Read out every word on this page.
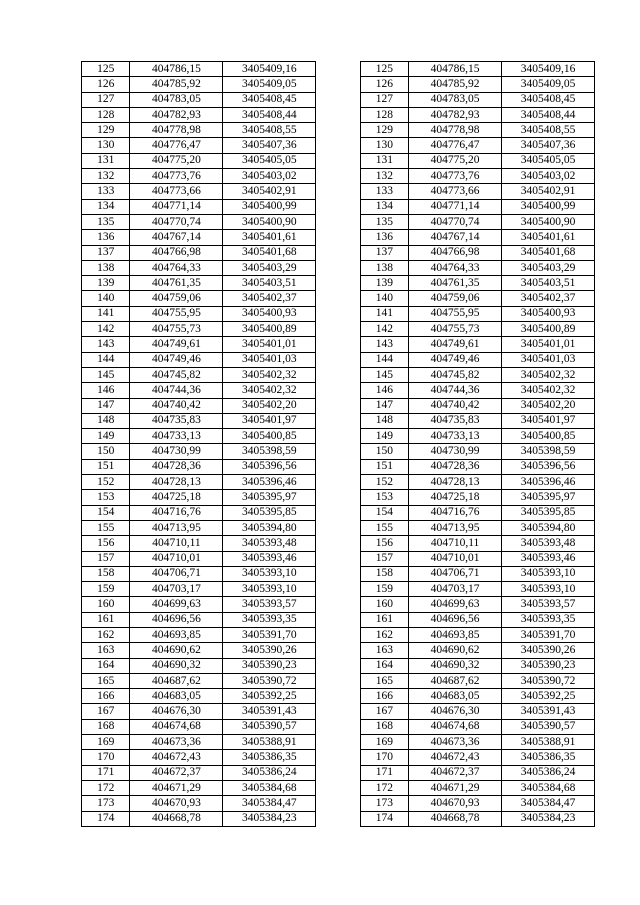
125	404786,15	3405409,16		125	404786,15	3405409,16
126	404785,92	3405409,05		126	404785,92	3405409,05
127	404783,05	3405408,45		127	404783,05	3405408,45
128	404782,93	3405408,44		128	404782,93	3405408,44
129	404778,98	3405408,55		129	404778,98	3405408,55
130	404776,47	3405407,36		130	404776,47	3405407,36
131	404775,20	3405405,05		131	404775,20	3405405,05
132	404773,76	3405403,02		132	404773,76	3405403,02
133	404773,66	3405402,91		133	404773,66	3405402,91
134	404771,14	3405400,99		134	404771,14	3405400,99
135	404770,74	3405400,90		135	404770,74	3405400,90
136	404767,14	3405401,61		136	404767,14	3405401,61
137	404766,98	3405401,68		137	404766,98	3405401,68
138	404764,33	3405403,29		138	404764,33	3405403,29
139	404761,35	3405403,51		139	404761,35	3405403,51
140	404759,06	3405402,37		140	404759,06	3405402,37
141	404755,95	3405400,93		141	404755,95	3405400,93
142	404755,73	3405400,89		142	404755,73	3405400,89
143	404749,61	3405401,01		143	404749,61	3405401,01
144	404749,46	3405401,03		144	404749,46	3405401,03
145	404745,82	3405402,32		145	404745,82	3405402,32
146	404744,36	3405402,32		146	404744,36	3405402,32
147	404740,42	3405402,20		147	404740,42	3405402,20
148	404735,83	3405401,97		148	404735,83	3405401,97
149	404733,13	3405400,85		149	404733,13	3405400,85
150	404730,99	3405398,59		150	404730,99	3405398,59
151	404728,36	3405396,56		151	404728,36	3405396,56
152	404728,13	3405396,46		152	404728,13	3405396,46
153	404725,18	3405395,97		153	404725,18	3405395,97
154	404716,76	3405395,85		154	404716,76	3405395,85
155	404713,95	3405394,80		155	404713,95	3405394,80
156	404710,11	3405393,48		156	404710,11	3405393,48
157	404710,01	3405393,46		157	404710,01	3405393,46
158	404706,71	3405393,10		158	404706,71	3405393,10
159	404703,17	3405393,10		159	404703,17	3405393,10
160	404699,63	3405393,57		160	404699,63	3405393,57
161	404696,56	3405393,35		161	404696,56	3405393,35
162	404693,85	3405391,70		162	404693,85	3405391,70
163	404690,62	3405390,26		163	404690,62	3405390,26
164	404690,32	3405390,23		164	404690,32	3405390,23
165	404687,62	3405390,72		165	404687,62	3405390,72
166	404683,05	3405392,25		166	404683,05	3405392,25
167	404676,30	3405391,43		167	404676,30	3405391,43
168	404674,68	3405390,57		168	404674,68	3405390,57
169	404673,36	3405388,91		169	404673,36	3405388,91
170	404672,43	3405386,35		170	404672,43	3405386,35
171	404672,37	3405386,24		171	404672,37	3405386,24
172	404671,29	3405384,68		172	404671,29	3405384,68
173	404670,93	3405384,47		173	404670,93	3405384,47
174	404668,78	3405384,23		174	404668,78	3405384,23
